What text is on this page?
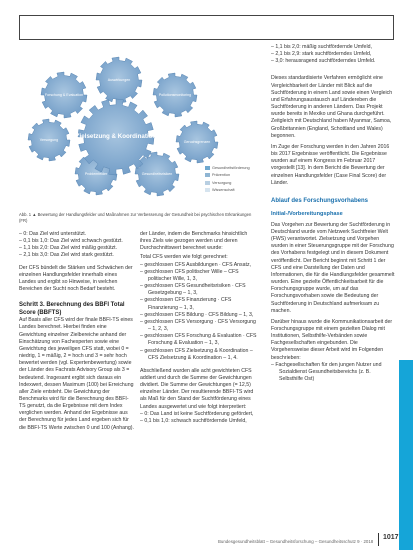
Auswirkungen
Forschung & Evaluation	Pollutionsmonitoring
Geruchsgrenzen
Gesundheitsrisiken
Problemfelder
Versorgung	Zielsetzung & Koordination
Gesundheitsförderung
Prävention
Versorgung
Wissenschaft
Abb. 1 ▲ Bewertung der Handlungsfelder und Maßnahmen zur Verbesserung der Gesundheit bei psychischen Erkrankungen (FR)
– 0: Das Ziel wird unterstützt.
– 0,1 bis 1,0: Das Ziel wird schwach gestützt.
– 1,1 bis 2,0: Das Ziel wird mäßig gestützt.
– 2,1 bis 3,0: Das Ziel wird stark gestützt.
Der CFS bündelt die Stärken und Schwächen der einzelnen Handlungsfelder innerhalb eines Landes und ergibt so Hinweise, in welchen Bereichen der Sucht noch Bedarf besteht.
Schritt 3. Berechnung des BBFI Total Score (BBFTS)
Auf Basis aller CFS wird der finale BBFI-TS eines Landes berechnet. Hierbei finden eine Gewichtung einzelner Zielbereiche anhand der Einschätzung von Fachexperten sowie eine Gewichtung des jeweiligen CFS statt, wobei 0 = niedrig, 1 = mäßig, 2 = hoch und 3 = sehr hoch bewertet werden (vgl. Expertenbewertung) sowie der Länder des Fachrats Advisory Group als 3 = bedeutend. Insgesamt ergibt sich daraus ein Indexwert, dessen Maximum (100) bei Erreichung aller Ziele entsteht. Die Gewichtung der Benchmarks wird für die Berechnung des BBFI-TS genutzt, da die Ergebnisse mit dem Index verglichen werden. Anhand der Ergebnisse aus der Berechnung für jedes Land ergeben sich für die BBFI-TS Werte zwischen 0 und 100 (Anhang).
der Länder, indem die Benchmarks hinsichtlich ihres Ziels wie gezogen werden und deren Durchschnittswert berechnet wurde:
Total CFS werden wie folgt gerechnet:
– geschlossen CFS Ausbildungen · CFS Ansatz,
– geschlossen CFS politischer Wille – CFS politischer Wille, 1, 3,
– geschlossen CFS Gesundheitsrisiken · CFS Gesetzgebung – 1, 3,
– geschlossen CFS Finanzierung · CFS Finanzierung – 1, 3,
– geschlossen CFS Bildung · CFS Bildung – 1, 3,
– geschlossen CFS Versorgung · CFS Versorgung – 1, 2, 3,
– geschlossen CFS Forschung & Evaluation · CFS Forschung & Evaluation – 1, 3,
– geschlossen CFS Zielsetzung & Koordination – CFS Zielsetzung & Koordination – 1, 4.
Abschließend wurden alle acht gewichteten CFS addiert und durch die Summe der Gewichtungen dividiert. Die Summe der Gewichtungen (= 12,5) einzelner Länder. Der resultierende BBFI-TS wird als Maß für den Stand der Suchtförderung eines Landes ausgewertet und wie folgt interpretiert:
– 0: Das Land ist keine Suchtförderung gefördert,
– 0,1 bis 1,0: schwach suchtfördernde Umfeld,
– 1,1 bis 2,0: mäßig suchtfördernde Umfeld,
– 2,1 bis 2,9: stark suchtförderndes Umfeld,
– 3,0: herausragend suchtförderndes Umfeld.
Dieses standardisierte Verfahren ermöglicht eine Vergleichbarkeit der Länder mit Blick auf die Suchtförderung in einem Land sowie einen Vergleich und Erfahrungsaustausch auf Ländereben die Suchtförderung in anderen Ländern. Das Projekt wurde bereits in Mexiko und Ghana durchgeführt. Zeitgleich mit Deutschland haben Myanmar, Samoa, Großbritannien (England, Schottland und Wales) begonnen.
Im Zuge der Forschung werden in den Jahren 2016 bis 2017 Ergebnisse veröffentlicht. Die Ergebnisse wurden auf einem Kongress im Februar 2017 vorgestellt [13]. In dem Bericht die Bewertung der einzelnen Handlungsfelder (Case Final Score) der Länder.
Ablauf des Forschungsvorhabens
Initial-/Vorbereitungsphase
Das Vorgehen zur Bewertung der Suchtförderung in Deutschland wurde vom Netzwerk Suchtfreier Welt (FWS) verantwortet. Zielsetzung und Vorgehen wurden in einer Steuerungsgruppe mit der Forschung des Vorhabens festgelegt und in diesem Dokument veröffentlicht. Der Bericht beginnt mit Schritt 1 der CFS und eine Darstellung der Daten und Informationen, die für die Handlungsfelder gesammelt wurden. Eine gezielte Öffentlichkeitsarbeit für die Forschungsgruppe wurde, um auf das Forschungsvorhaben sowie die Bedeutung der Suchtförderung in Deutschland aufmerksam zu machen.
Darüber hinaus wurde die Kommunikationsarbeit der Forschungsgruppe mit einem gezielten Dialog mit Institutionen, Selbsthilfe-Verbänden sowie Fachgesellschaften eingebunden. Die Vorgehensweise dieser Arbeit wird im Folgenden beschrieben:
– Fachgesellschaften für den jungen Nutzer und Sozialdienst Gesundheitsbereichs (z. B. Selbsthilfe Ost)
Bundesgesundheitsblatt – Gesundheitsforschung – Gesundheitsschutz 9 · 2018
1017
